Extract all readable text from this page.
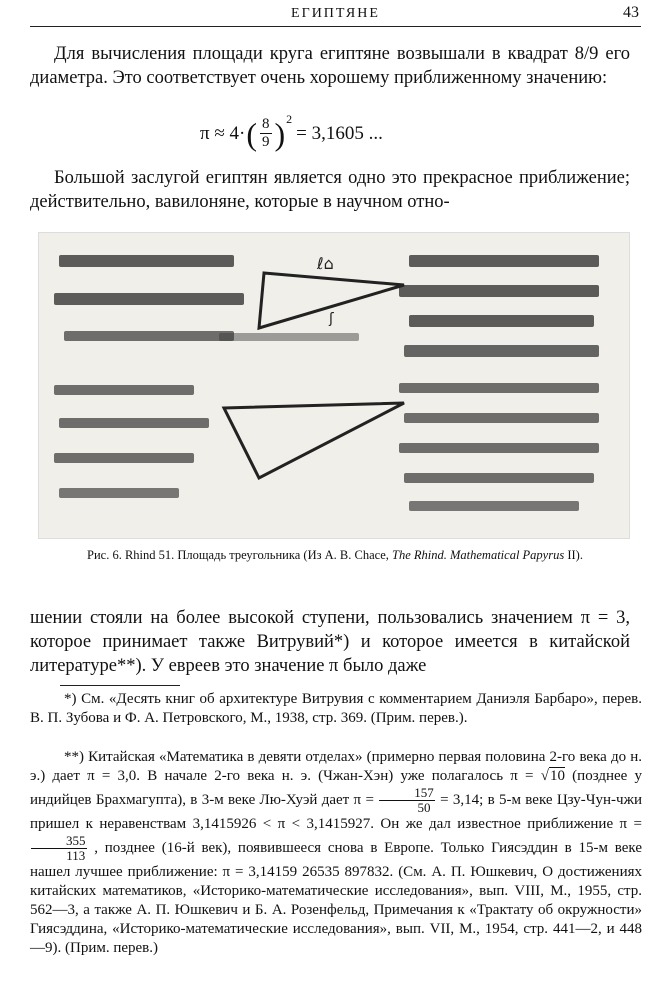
ЕГИПТЯНЕ	43
Для вычисления площади круга египтяне возвышали в квадрат 8/9 его диаметра. Это соответствует очень хорошему приближенному значению:
π ≈ 4· ( $\frac{8}{9}$ ) 2
= 3,1605 ...
Большой заслугой египтян является одно это прекрасное приближение; действительно, вавилоняне, которые в научном отно-
ℓ⌂
ʃ
Рис. 6. Rhind 51. Площадь треугольника (Из A. B. Chace, The Rhind. Mathematical Papyrus II).
шении стояли на более высокой ступени, пользовались значением π = 3, которое принимает также Витрувий*) и которое имеется в китайской литературе**). У евреев это значение π было даже
*) См. «Десять книг об архитектуре Витрувия с комментарием Даниэля Барбаро», перев. В. П. Зубова и Ф. А. Петровского, М., 1938, стр. 369. (Прим. перев.).
**) Китайская «Математика в девяти отделах» (примерно первая половина 2-го века до н. э.) дает π = 3,0. В начале 2-го века н. э. (Чжан-Хэн) уже полагалось π = √10 (позднее у индийцев Брахмагупта), в 3-м веке Лю-Хуэй дает $\pi = \frac{157}{50} = 3,14$; в 5-м веке Цзу-Чун-чжи пришел к неравенствам 3,1415926 < π < 3,1415927. Он же дал известное приближение π =
$\frac{355}{113}$ , позднее (16-й век), появившееся снова в Европе. Только Гиясэддин в 15-м веке нашел лучшее приближение: π = 3,14159 26535 897832. (См. А. П. Юшкевич, О достижениях китайских математиков, «Историко-математические исследования», вып. VIII, М., 1955, стр. 562—3, а также А. П. Юшкевич и Б. А. Розенфельд, Примечания к «Трактату об окружности» Гиясэддина, «Историко-математические исследования», вып. VII, М., 1954, стр. 441—2, и 448—9). (Прим. перев.)
